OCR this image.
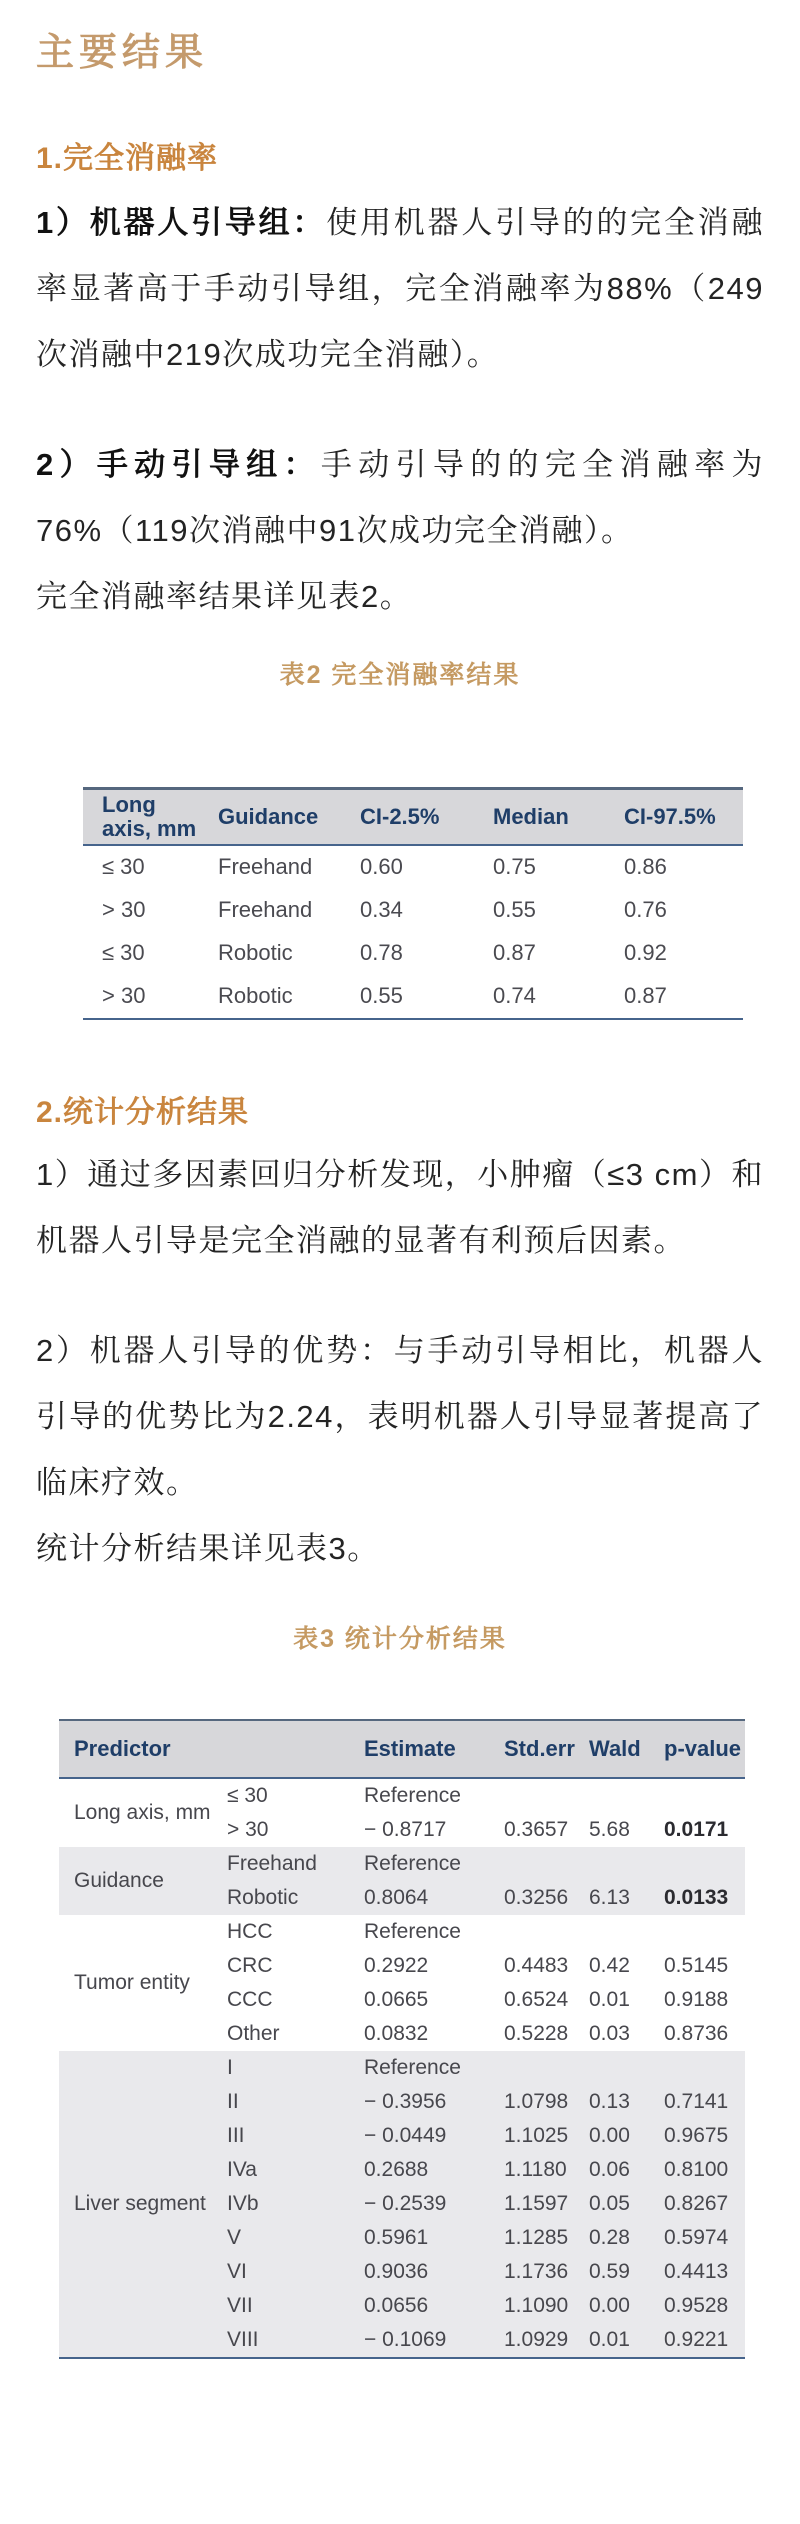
主要结果
1.完全消融率

1）机器人引导组：使用机器人引导的的完全消融率显著高于手动引导组，完全消融率为88%（249次消融中219次成功完全消融）。

2）手动引导组：手动引导的的完全消融率为76%（119次消融中91次成功完全消融）。

完全消融率结果详见表2。

表2 完全消融率结果
Long axis, mm	Guidance	CI-2.5%	Median	CI-97.5%
≤ 30	Freehand	0.60	0.75	0.86
> 30	Freehand	0.34	0.55	0.76
≤ 30	Robotic	0.78	0.87	0.92
> 30	Robotic	0.55	0.74	0.87
2.统计分析结果

1）通过多因素回归分析发现，小肿瘤（≤3 cm）和机器人引导是完全消融的显著有利预后因素。

2）机器人引导的优势：与手动引导相比，机器人引导的优势比为2.24，表明机器人引导显著提高了临床疗效。

统计分析结果详见表3。

表3 统计分析结果
Predictor		Estimate	Std.err	Wald	p-value
Long axis, mm	≤ 30	Reference			
	> 30	− 0.8717	0.3657	5.68	0.0171
Guidance	Freehand	Reference			
	Robotic	0.8064	0.3256	6.13	0.0133
Tumor entity	HCC	Reference			
	CRC	0.2922	0.4483	0.42	0.5145
	CCC	0.0665	0.6524	0.01	0.9188
	Other	0.0832	0.5228	0.03	0.8736
Liver segment	I	Reference			
	II	− 0.3956	1.0798	0.13	0.7141
	III	− 0.0449	1.1025	0.00	0.9675
	IVa	0.2688	1.1180	0.06	0.8100
	IVb	− 0.2539	1.1597	0.05	0.8267
	V	0.5961	1.1285	0.28	0.5974
	VI	0.9036	1.1736	0.59	0.4413
	VII	0.0656	1.1090	0.00	0.9528
	VIII	− 0.1069	1.0929	0.01	0.9221
